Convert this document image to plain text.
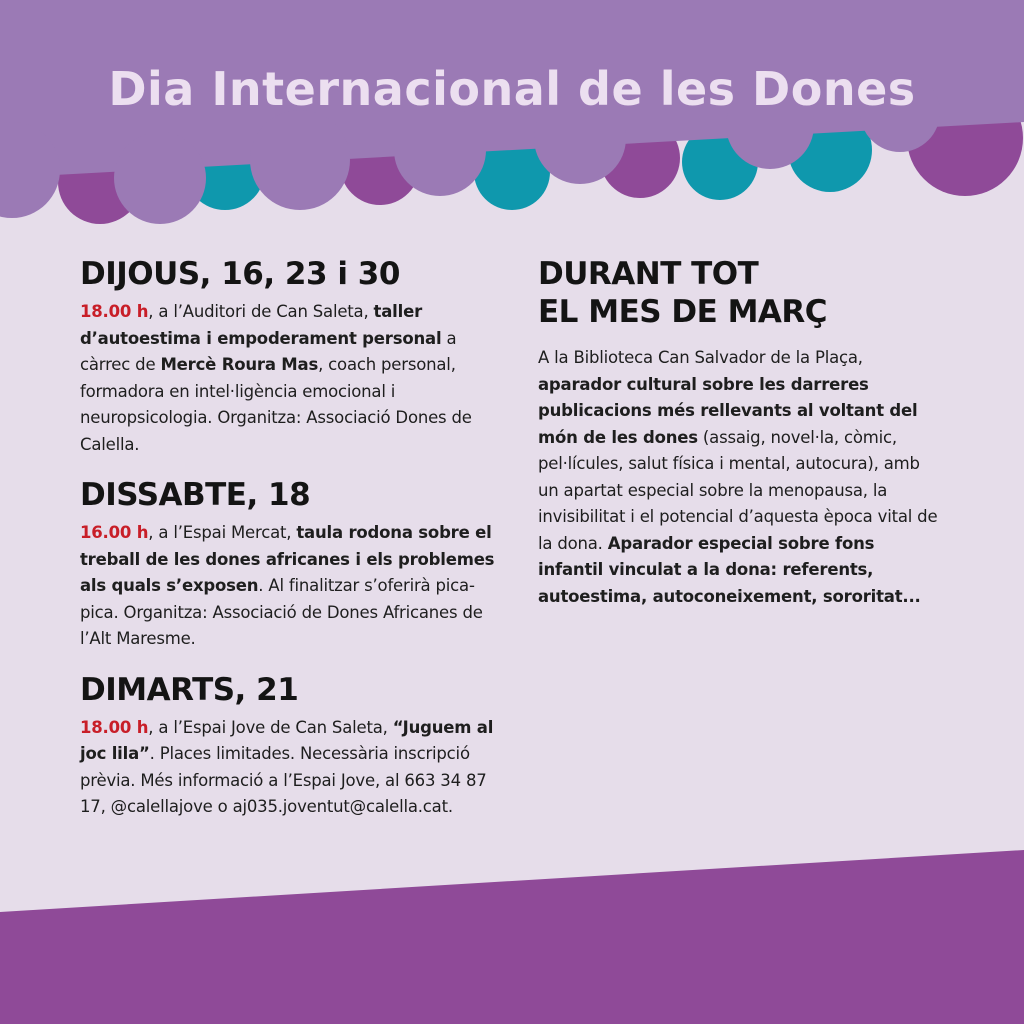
Dia Internacional de les Dones
DIJOUS, 16, 23 i 30

18.00 h, a l’Auditori de Can Saleta, taller d’autoestima i empoderament personal a càrrec de Mercè Roura Mas, coach personal, formadora en intel·ligència emocional i neuropsicologia. Organitza: Associació Dones de Calella.

DISSABTE, 18

16.00 h, a l’Espai Mercat, taula rodona sobre el treball de les dones africanes i els problemes als quals s’exposen. Al finalitzar s’oferirà pica-pica. Organitza: Associació de Dones Africanes de l’Alt Maresme.

DIMARTS, 21

18.00 h, a l’Espai Jove de Can Saleta, “Juguem al joc lila”. Places limitades. Necessària inscripció prèvia. Més informació a l’Espai Jove, al 663 34 87 17, @calellajove o aj035.joventut@calella.cat.

DURANT TOT
EL MES DE MARÇ

A la Biblioteca Can Salvador de la Plaça, aparador cultural sobre les darreres publicacions més rellevants al voltant del món de les dones (assaig, novel·la, còmic, pel·lícules, salut física i mental, autocura), amb un apartat especial sobre la menopausa, la invisibilitat i el potencial d’aquesta època vital de la dona. Aparador especial sobre fons infantil vinculat a la dona: referents, autoestima, autoconeixement, sororitat...
